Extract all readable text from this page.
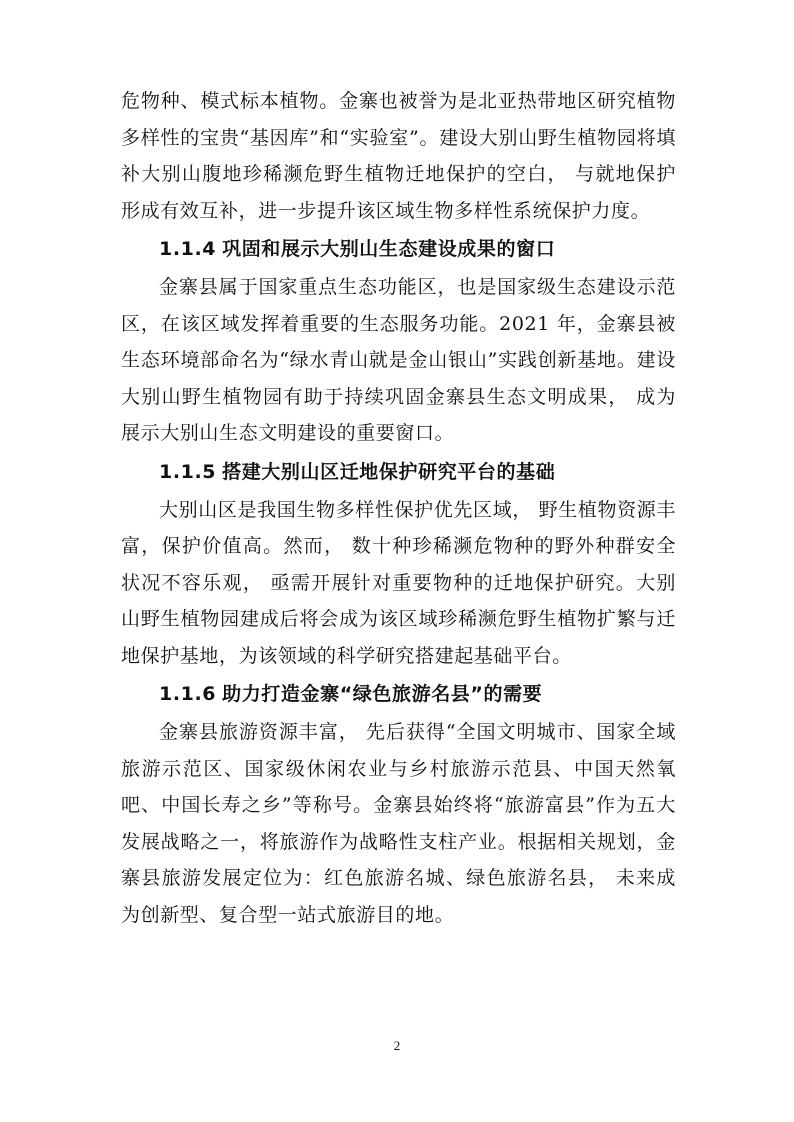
危物种、模式标本植物。金寨也被誉为是北亚热带地区研究植物多样性的宝贵“基因库”和“实验室”。建设大别山野生植物园将填补大别山腹地珍稀濒危野生植物迁地保护的空白， 与就地保护形成有效互补，进一步提升该区域生物多样性系统保护力度。

1.1.4 巩固和展示大别山生态建设成果的窗口

金寨县属于国家重点生态功能区，也是国家级生态建设示范区，在该区域发挥着重要的生态服务功能。2021 年，金寨县被生态环境部命名为“绿水青山就是金山银山”实践创新基地。建设大别山野生植物园有助于持续巩固金寨县生态文明成果， 成为展示大别山生态文明建设的重要窗口。

1.1.5 搭建大别山区迁地保护研究平台的基础

大别山区是我国生物多样性保护优先区域， 野生植物资源丰富，保护价值高。然而， 数十种珍稀濒危物种的野外种群安全状况不容乐观， 亟需开展针对重要物种的迁地保护研究。大别山野生植物园建成后将会成为该区域珍稀濒危野生植物扩繁与迁地保护基地，为该领域的科学研究搭建起基础平台。

1.1.6 助力打造金寨“绿色旅游名县”的需要

金寨县旅游资源丰富， 先后获得“全国文明城市、国家全域旅游示范区、国家级休闲农业与乡村旅游示范县、中国天然氧吧、中国长寿之乡”等称号。金寨县始终将“旅游富县”作为五大发展战略之一，将旅游作为战略性支柱产业。根据相关规划，金寨县旅游发展定位为：红色旅游名城、绿色旅游名县， 未来成为创新型、复合型一站式旅游目的地。

2
